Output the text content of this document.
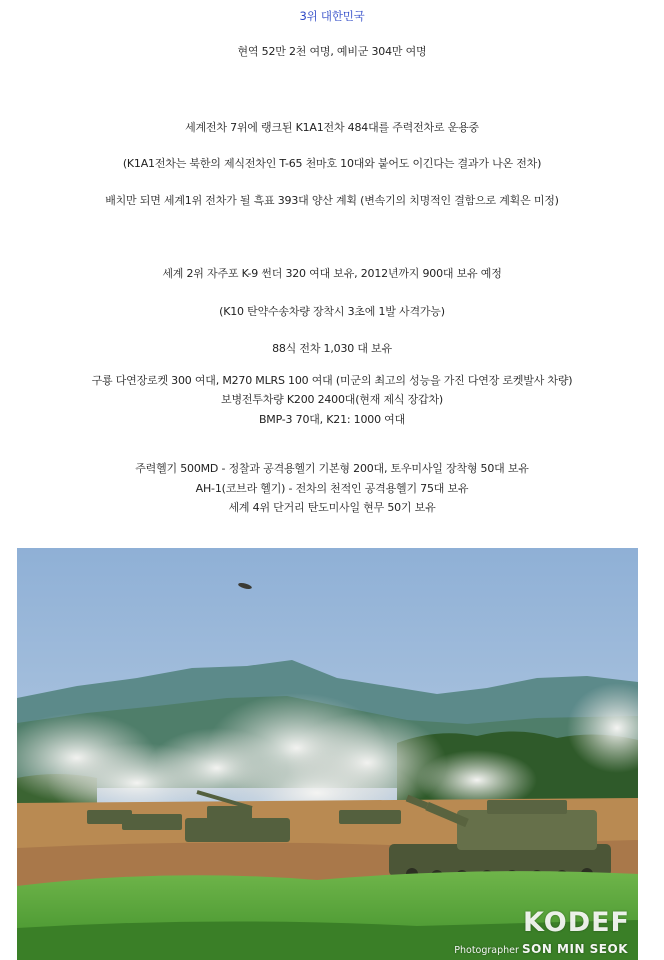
3위 대한민국
현역 52만 2천 여명, 예비군 304만 여명
세계전차 7위에 랭크된 K1A1전차 484대를 주력전차로 운용중
(K1A1전차는 북한의 제식전차인 T-65 천마호 10대와 붙어도 이긴다는 결과가 나온 전차)
배치만 되면 세계1위 전차가 될 흑표 393대 양산 계획 (변속기의 치명적인 결함으로 계획은 미정)
세계 2위 자주포 K-9 썬더 320 여대 보유, 2012년까지 900대 보유 예정
(K10 탄약수송차량 장착시 3초에 1발 사격가능)
88식 전차 1,030 대 보유
구룡 다연장로켓 300 여대, M270 MLRS 100 여대 (미군의 최고의 성능을 가진 다연장 로켓발사 차량)
보병전투차량 K200 2400대(현재 제식 장갑차)
BMP-3 70대, K21: 1000 여대
주력헬기 500MD - 정찰과 공격용헬기 기본형 200대, 토우미사일 장착형 50대 보유
AH-1(코브라 헬기) - 전차의 천적인 공격용헬기 75대 보유
세계 4위 단거리 탄도미사일 현무 50기 보유
KODEF
Photographer SON MIN SEOK
